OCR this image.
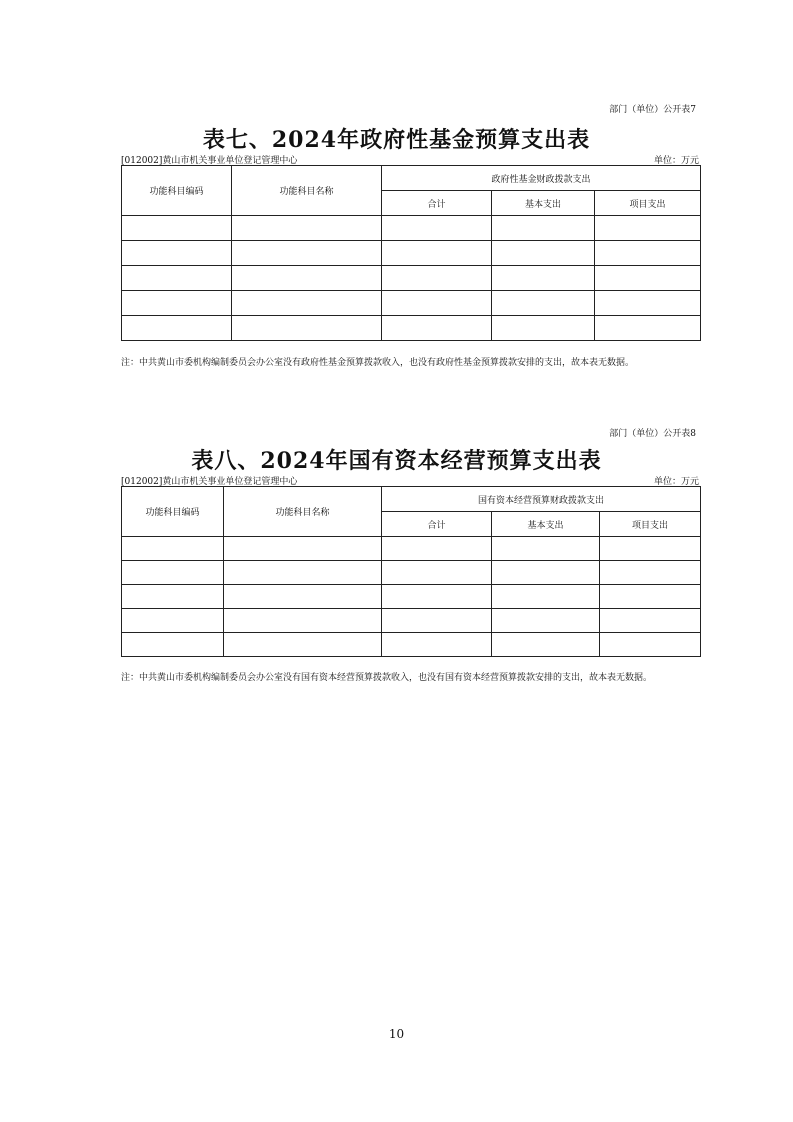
部门（单位）公开表7
表七、2024年政府性基金预算支出表
[012002]黄山市机关事业单位登记管理中心	单位：万元
功能科目编码	功能科目名称	政府性基金财政拨款支出		
		合计	基本支出	项目支出

注：中共黄山市委机构编制委员会办公室没有政府性基金预算拨款收入，也没有政府性基金预算拨款安排的支出，故本表无数据。
部门（单位）公开表8
表八、2024年国有资本经营预算支出表
[012002]黄山市机关事业单位登记管理中心	单位：万元
功能科目编码	功能科目名称	国有资本经营预算财政拨款支出		
		合计	基本支出	项目支出

注：中共黄山市委机构编制委员会办公室没有国有资本经营预算拨款收入，也没有国有资本经营预算拨款安排的支出，故本表无数据。
10
